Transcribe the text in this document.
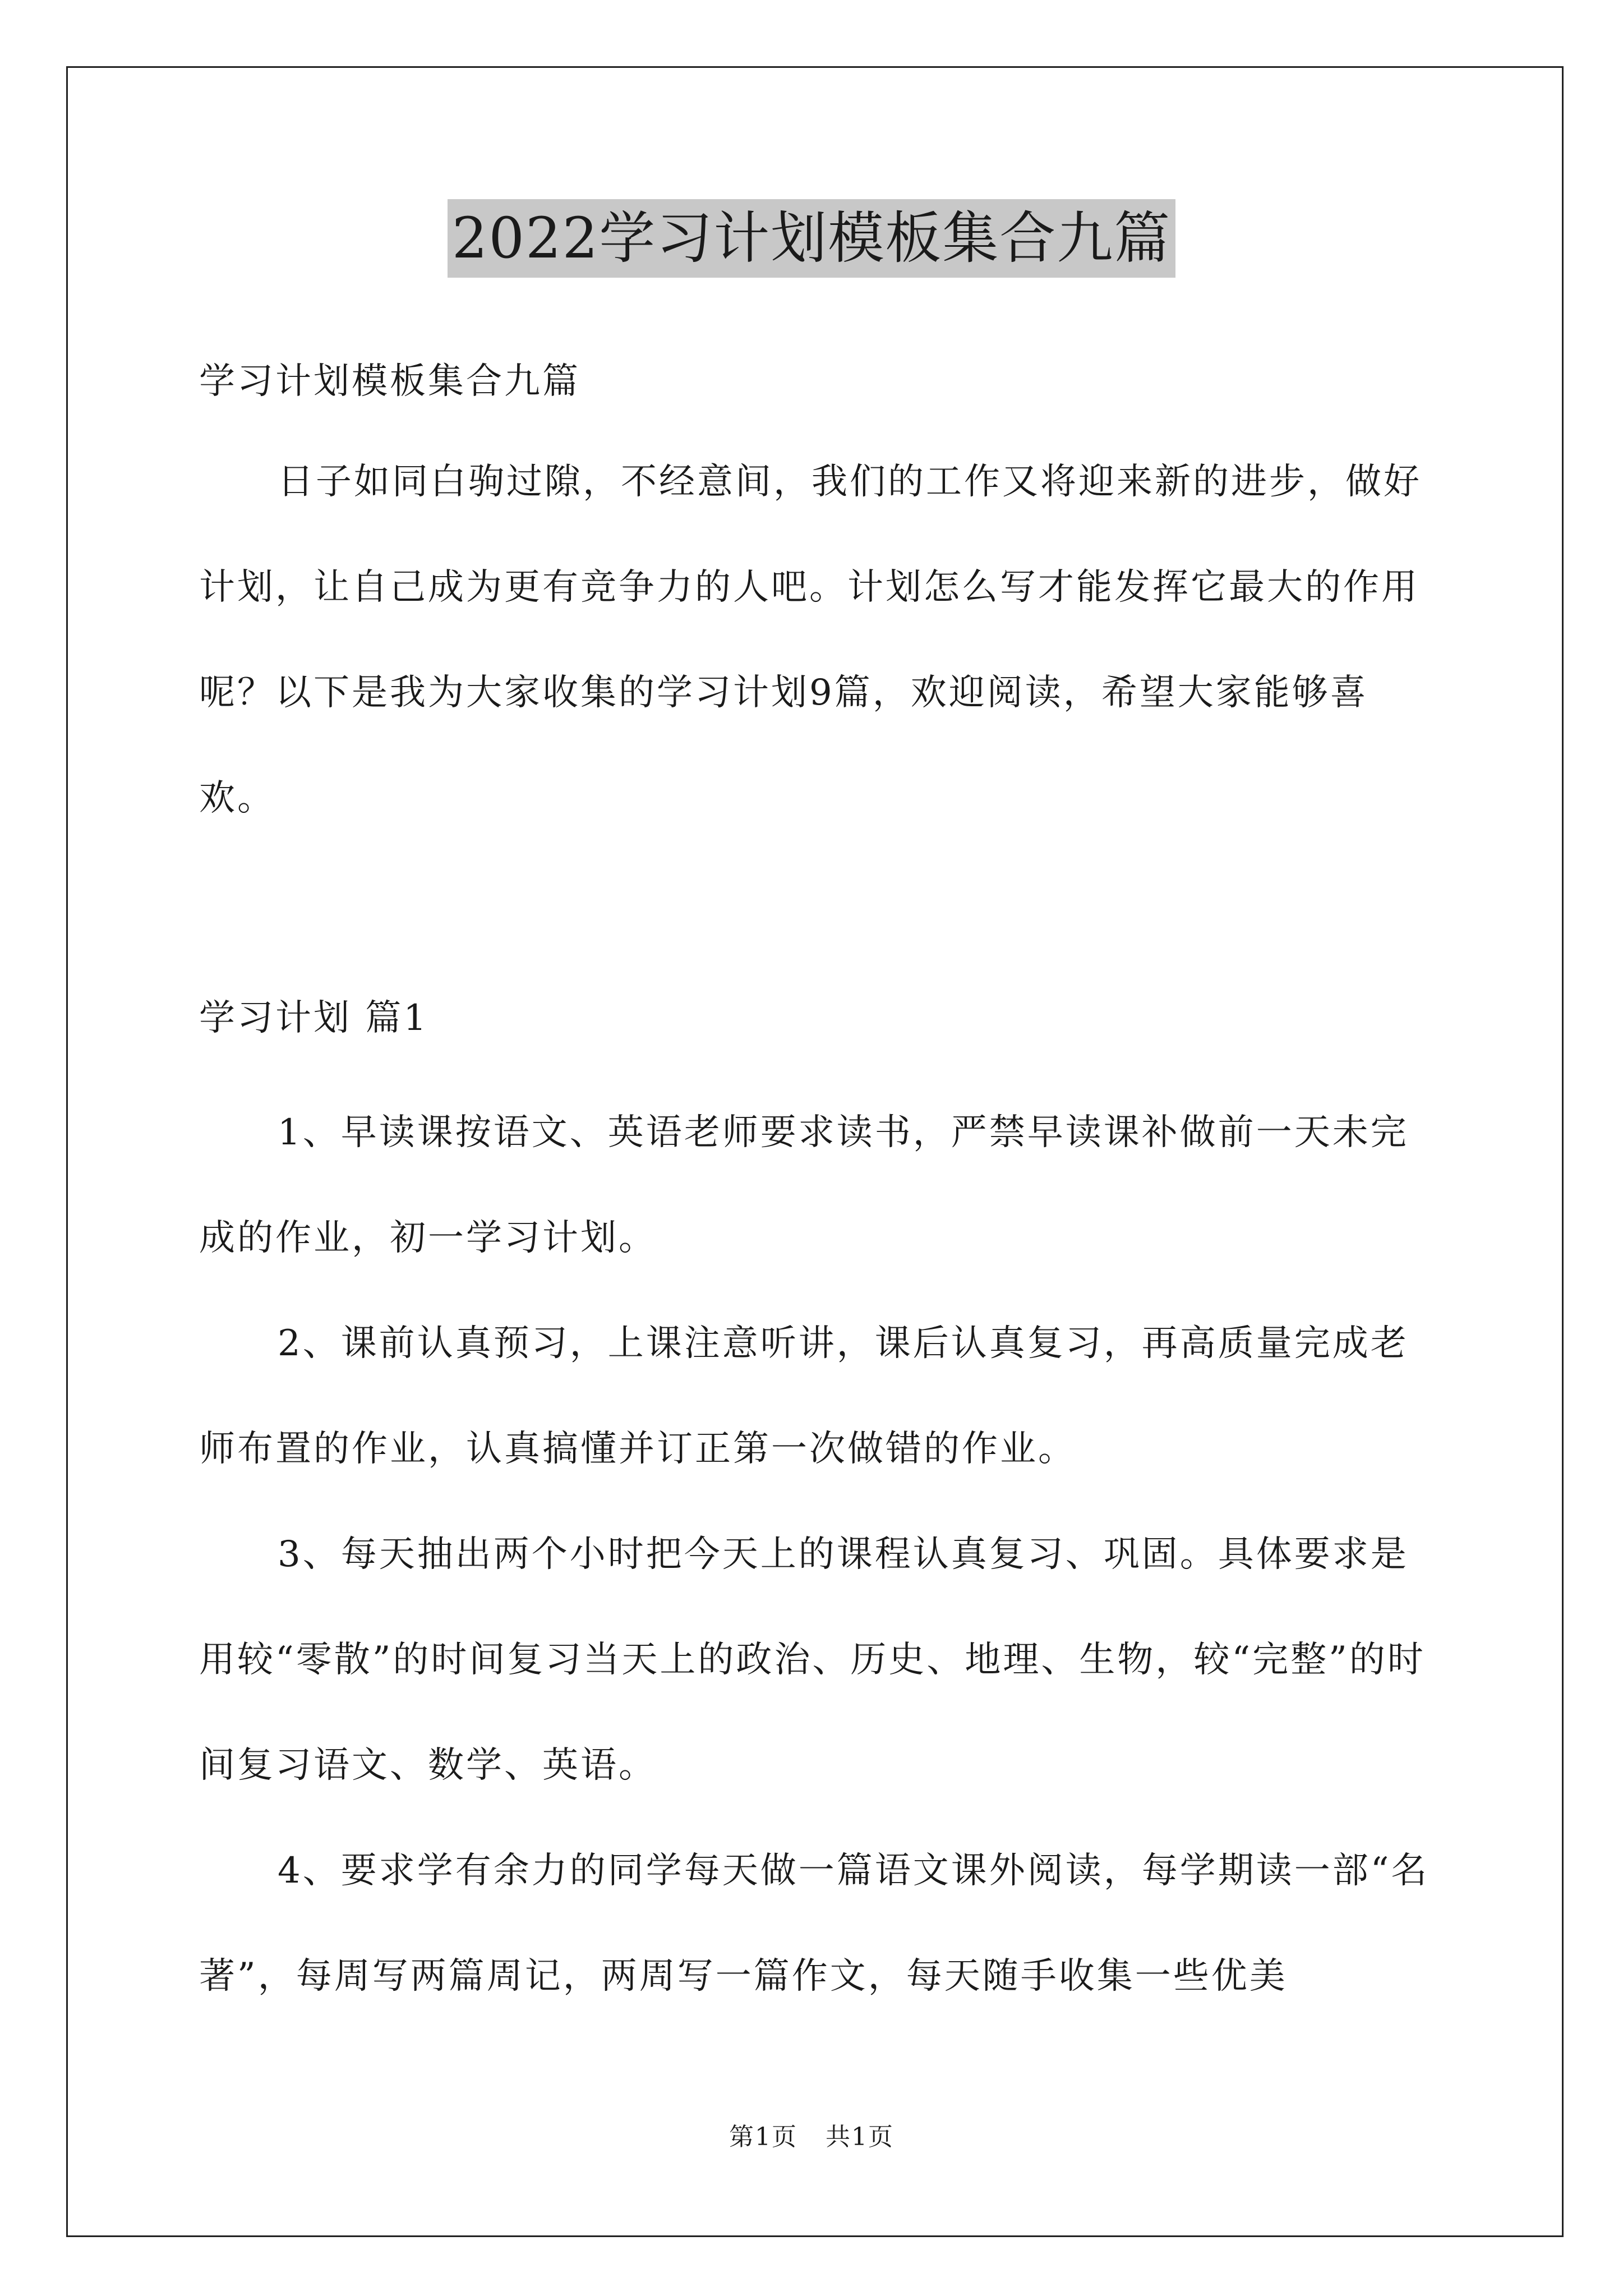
2022学习计划模板集合九篇
学习计划模板集合九篇
日子如同白驹过隙，不经意间，我们的工作又将迎来新的进步，做好计划，让自己成为更有竞争力的人吧。计划怎么写才能发挥它最大的作用呢？以下是我为大家收集的学习计划9篇，欢迎阅读，希望大家能够喜欢。
学习计划 篇1

1、早读课按语文、英语老师要求读书，严禁早读课补做前一天未完成的作业，初一学习计划。

2、课前认真预习，上课注意听讲，课后认真复习，再高质量完成老师布置的作业，认真搞懂并订正第一次做错的作业。

3、每天抽出两个小时把今天上的课程认真复习、巩固。具体要求是用较“零散”的时间复习当天上的政治、历史、地理、生物，较“完整”的时间复习语文、数学、英语。

4、要求学有余力的同学每天做一篇语文课外阅读，每学期读一部“名著”，每周写两篇周记，两周写一篇作文，每天随手收集一些优美

第1页 共1页
